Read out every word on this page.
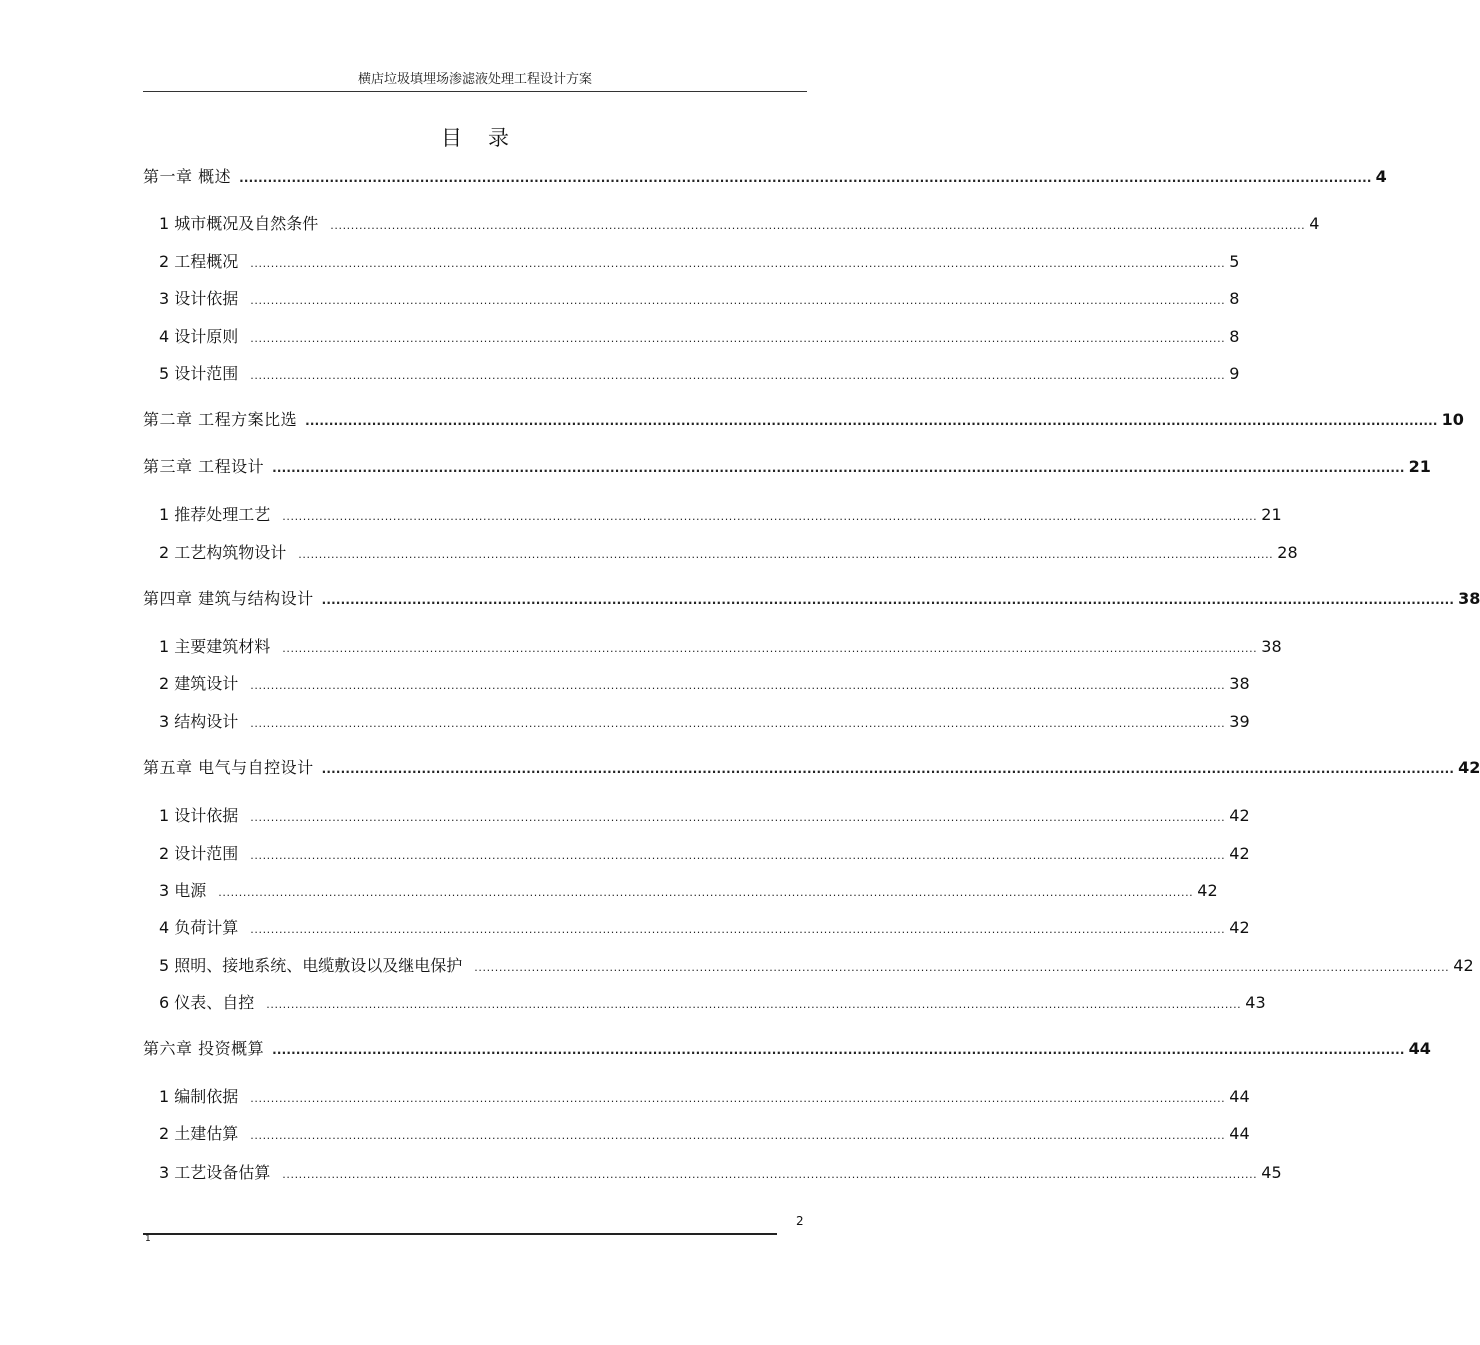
横店垃圾填埋场渗滤液处理工程设计方案
目录
第一章 概述 .............................................................................................................................................................................................................................................. 4
1 城市概况及自然条件 .............................................................................................................................................................................................................................................. 4
2 工程概况 .............................................................................................................................................................................................................................................. 5
3 设计依据 .............................................................................................................................................................................................................................................. 8
4 设计原则 .............................................................................................................................................................................................................................................. 8
5 设计范围 .............................................................................................................................................................................................................................................. 9
第二章 工程方案比选 .............................................................................................................................................................................................................................................. 10
第三章 工程设计 .............................................................................................................................................................................................................................................. 21
1 推荐处理工艺 .............................................................................................................................................................................................................................................. 21
2 工艺构筑物设计 .............................................................................................................................................................................................................................................. 28
第四章 建筑与结构设计 .............................................................................................................................................................................................................................................. 38
1 主要建筑材料 .............................................................................................................................................................................................................................................. 38
2 建筑设计 .............................................................................................................................................................................................................................................. 38
3 结构设计 .............................................................................................................................................................................................................................................. 39
第五章 电气与自控设计 .............................................................................................................................................................................................................................................. 42
1 设计依据 .............................................................................................................................................................................................................................................. 42
2 设计范围 .............................................................................................................................................................................................................................................. 42
3 电源 .............................................................................................................................................................................................................................................. 42
4 负荷计算 .............................................................................................................................................................................................................................................. 42
5 照明、接地系统、电缆敷设以及继电保护 .............................................................................................................................................................................................................................................. 42
6 仪表、自控 .............................................................................................................................................................................................................................................. 43
第六章 投资概算 .............................................................................................................................................................................................................................................. 44
1 编制依据 .............................................................................................................................................................................................................................................. 44
2 土建估算 .............................................................................................................................................................................................................................................. 44
3 工艺设备估算 .............................................................................................................................................................................................................................................. 45
2
1
